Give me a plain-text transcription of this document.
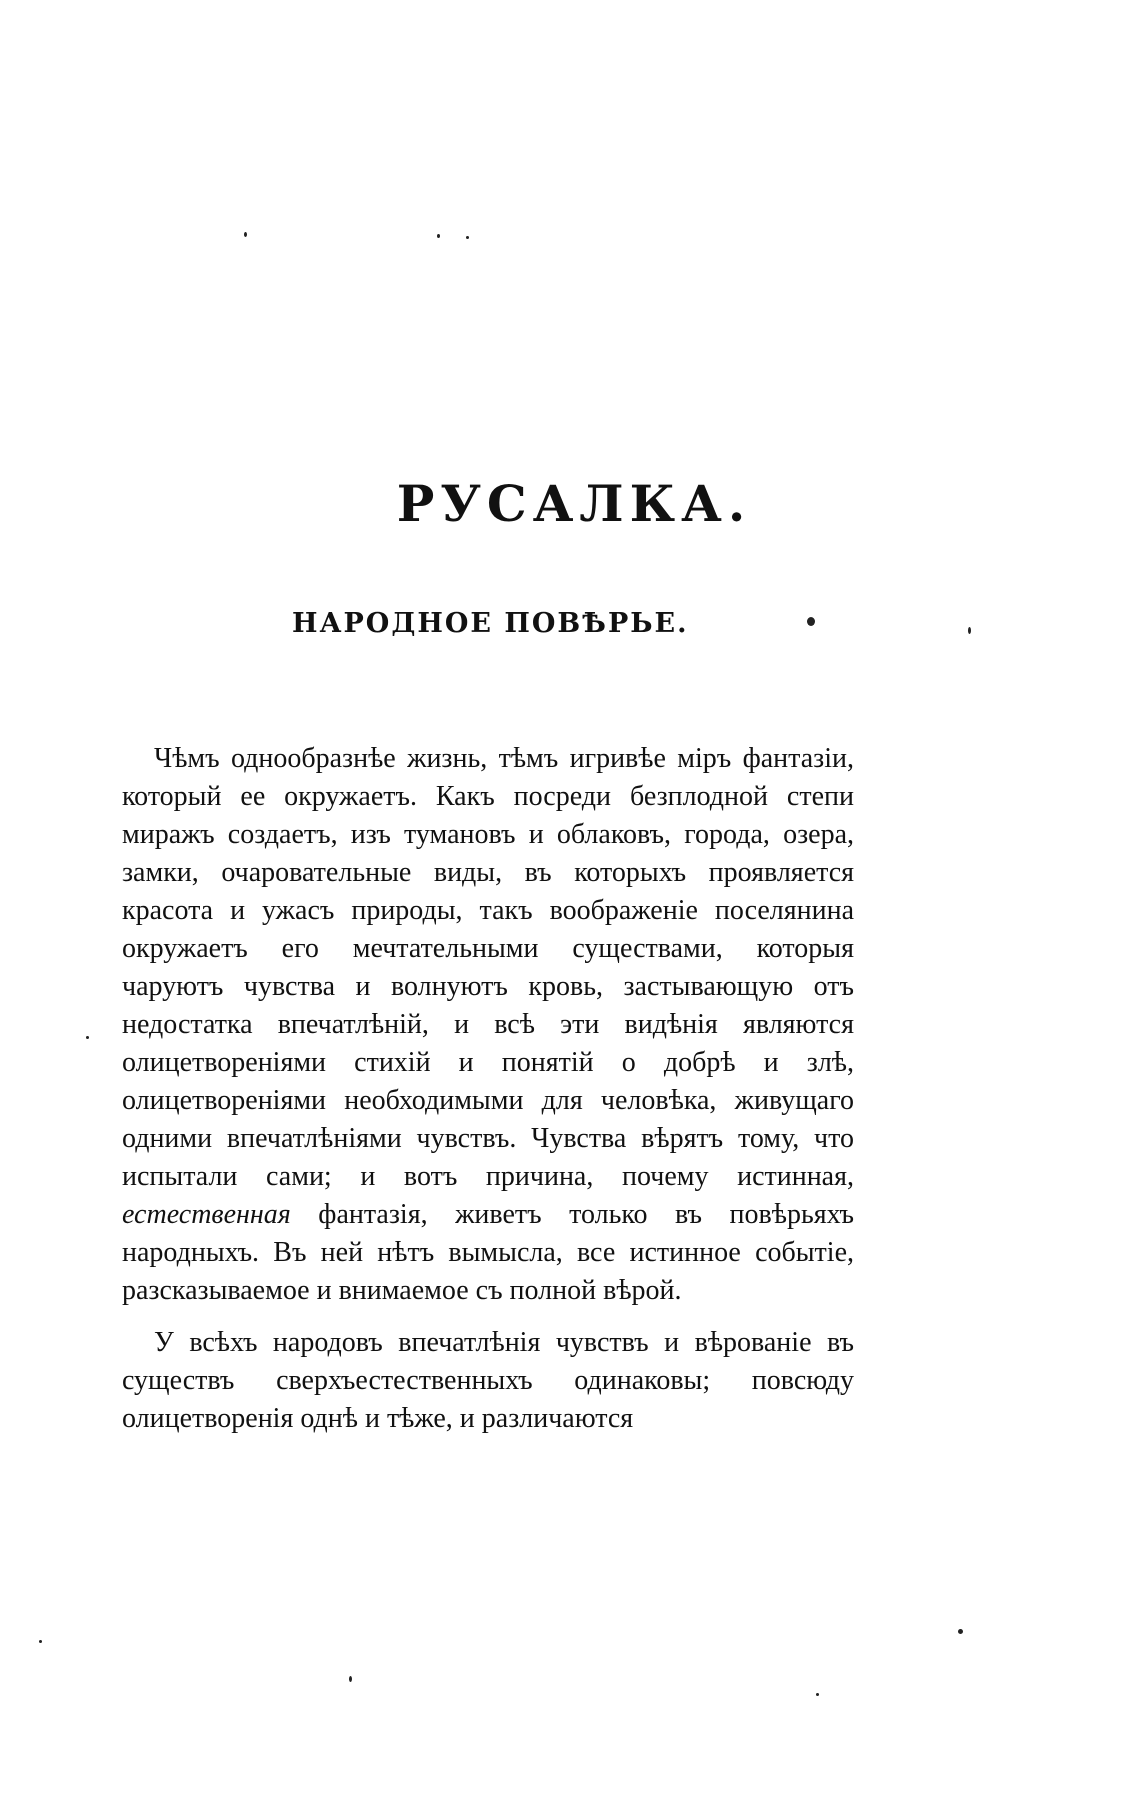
РУСАЛКА.
НАРОДНОЕ ПОВѢРЬЕ.

Чѣмъ однообразнѣе жизнь, тѣмъ игривѣе міръ фантазіи, который ее окружаетъ. Какъ посреди безплодной степи миражъ создаетъ, изъ тумановъ и облаковъ, города, озера, замки, очаровательные виды, въ которыхъ проявляется красота и ужасъ природы, такъ воображеніе поселянина окружаетъ его мечтательными существами, которыя чаруютъ чувства и волнуютъ кровь, застывающую отъ недостатка впечатлѣній, и всѣ эти видѣнія являются олицетвореніями стихій и понятій о добрѣ и злѣ, олицетвореніями необходимыми для человѣка, живущаго одними впечатлѣніями чувствъ. Чувства вѣрятъ тому, что испытали сами; и вотъ причина, почему истинная, естественная фантазія, живетъ только въ повѣрьяхъ народныхъ. Въ ней нѣтъ вымысла, все истинное событіе, разсказываемое и внимаемое съ полной вѣрой.

У всѣхъ народовъ впечатлѣнія чувствъ и вѣрованіе въ существъ сверхъестественныхъ одинаковы; повсюду олицетворенія однѣ и тѣже, и различаются
